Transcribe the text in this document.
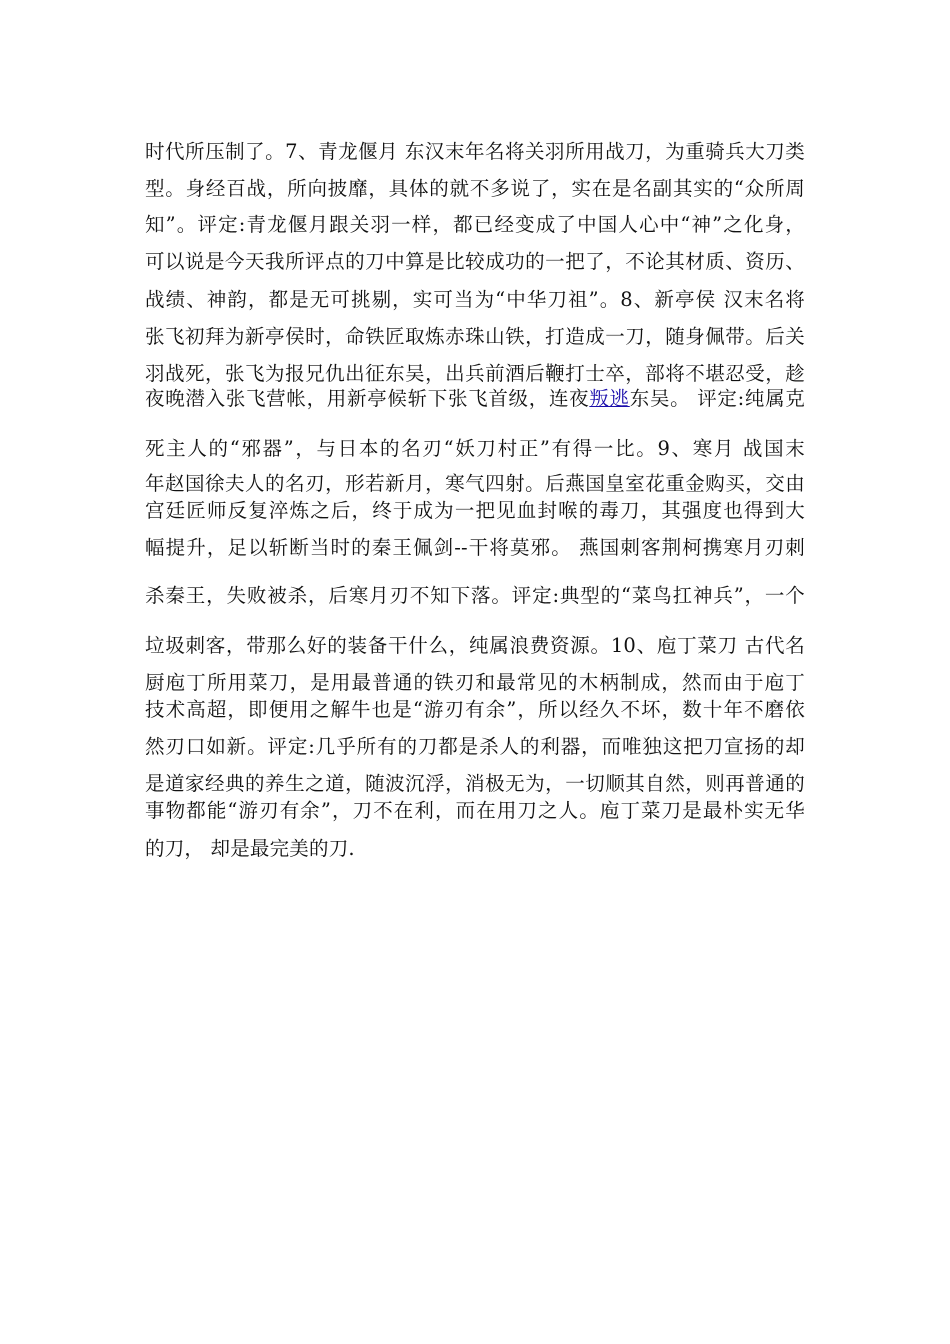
时代所压制了。7、青龙偃月 东汉末年名将关羽所用战刀，为重骑兵大刀类
型。身经百战，所向披靡，具体的就不多说了，实在是名副其实的“众所周
知”。评定:青龙偃月跟关羽一样，都已经变成了中国人心中“神”之化身，
可以说是今天我所评点的刀中算是比较成功的一把了，不论其材质、资历、
战绩、神韵，都是无可挑剔，实可当为“中华刀祖”。8、新亭侯 汉末名将
张飞初拜为新亭侯时，命铁匠取炼赤珠山铁，打造成一刀，随身佩带。后关
羽战死，张飞为报兄仇出征东吴，出兵前酒后鞭打士卒，部将不堪忍受，趁
夜晚潜入张飞营帐，用新亭候斩下张飞首级，连夜叛逃东吴。 评定:纯属克
死主人的“邪器”，与日本的名刃“妖刀村正”有得一比。9、寒月 战国末
年赵国徐夫人的名刃，形若新月，寒气四射。后燕国皇室花重金购买，交由
宫廷匠师反复淬炼之后，终于成为一把见血封喉的毒刀，其强度也得到大
幅提升，足以斩断当时的秦王佩剑--干将莫邪。 燕国刺客荆柯携寒月刃刺
杀秦王，失败被杀，后寒月刃不知下落。评定:典型的“菜鸟扛神兵”，一个
垃圾刺客，带那么好的装备干什么，纯属浪费资源。10、庖丁菜刀 古代名
厨庖丁所用菜刀，是用最普通的铁刃和最常见的木柄制成，然而由于庖丁
技术高超，即便用之解牛也是“游刃有余”，所以经久不坏，数十年不磨依
然刃口如新。评定:几乎所有的刀都是杀人的利器，而唯独这把刀宣扬的却
是道家经典的养生之道，随波沉浮，消极无为，一切顺其自然，则再普通的
事物都能“游刃有余”，刀不在利，而在用刀之人。庖丁菜刀是最朴实无华
的刀， 却是最完美的刀.
